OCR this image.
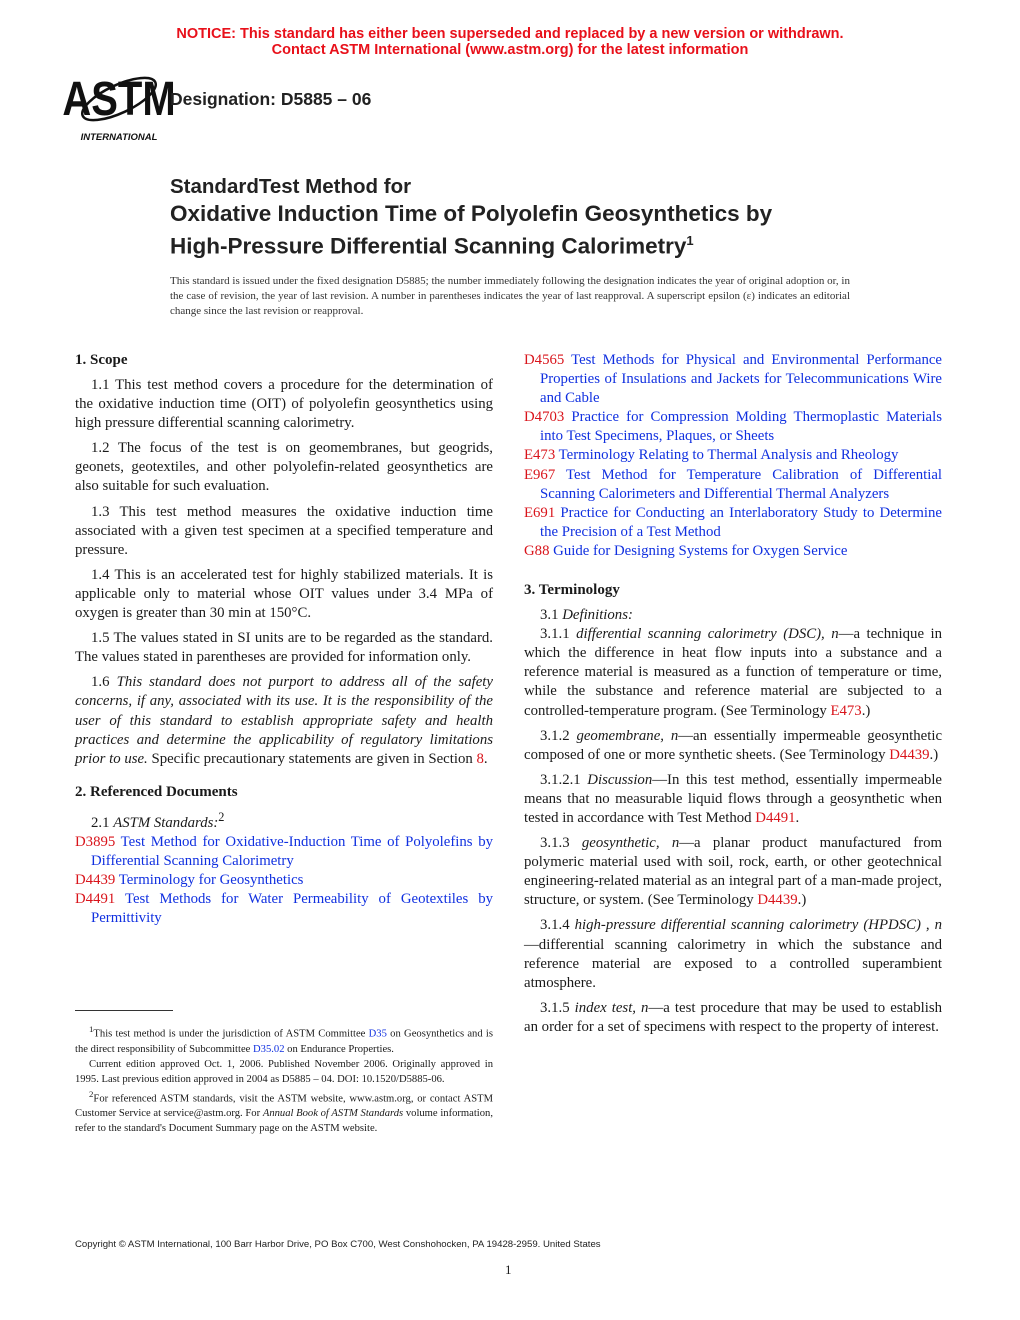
NOTICE: This standard has either been superseded and replaced by a new version or withdrawn.
Contact ASTM International (www.astm.org) for the latest information
ASTM
INTERNATIONAL
Designation: D5885 – 06
StandardTest Method for
Oxidative Induction Time of Polyolefin Geosynthetics by
High-Pressure Differential Scanning Calorimetry$^1$
This standard is issued under the fixed designation D5885; the number immediately following the designation indicates the year of original adoption or, in the case of revision, the year of last revision. A number in parentheses indicates the year of last reapproval. A superscript epsilon (ε) indicates an editorial change since the last revision or reapproval.
1. Scope

1.1 This test method covers a procedure for the determination of the oxidative induction time (OIT) of polyolefin geosynthetics using high pressure differential scanning calorimetry.

1.2 The focus of the test is on geomembranes, but geogrids, geonets, geotextiles, and other polyolefin-related geosynthetics are also suitable for such evaluation.

1.3 This test method measures the oxidative induction time associated with a given test specimen at a specified temperature and pressure.

1.4 This is an accelerated test for highly stabilized materials. It is applicable only to material whose OIT values under 3.4 MPa of oxygen is greater than 30 min at 150°C.

1.5 The values stated in SI units are to be regarded as the standard. The values stated in parentheses are provided for information only.

1.6 This standard does not purport to address all of the safety concerns, if any, associated with its use. It is the responsibility of the user of this standard to establish appropriate safety and health practices and determine the applicability of regulatory limitations prior to use. Specific precautionary statements are given in Section 8.

2. Referenced Documents

2.1 ASTM Standards:$^2$

D3895 Test Method for Oxidative-Induction Time of Polyolefins by Differential Scanning Calorimetry
D4439 Terminology for Geosynthetics
D4491 Test Methods for Water Permeability of Geotextiles by Permittivity
D4565 Test Methods for Physical and Environmental Performance Properties of Insulations and Jackets for Telecommunications Wire and Cable
D4703 Practice for Compression Molding Thermoplastic Materials into Test Specimens, Plaques, or Sheets
E473 Terminology Relating to Thermal Analysis and Rheology
E967 Test Method for Temperature Calibration of Differential Scanning Calorimeters and Differential Thermal Analyzers
E691 Practice for Conducting an Interlaboratory Study to Determine the Precision of a Test Method
G88 Guide for Designing Systems for Oxygen Service
3. Terminology

3.1 Definitions:

3.1.1 differential scanning calorimetry (DSC), n—a technique in which the difference in heat flow inputs into a substance and a reference material is measured as a function of temperature or time, while the substance and reference material are subjected to a controlled-temperature program. (See Terminology E473.)

3.1.2 geomembrane, n—an essentially impermeable geosynthetic composed of one or more synthetic sheets. (See Terminology D4439.)

3.1.2.1 Discussion—In this test method, essentially impermeable means that no measurable liquid flows through a geosynthetic when tested in accordance with Test Method D4491.

3.1.3 geosynthetic, n—a planar product manufactured from polymeric material used with soil, rock, earth, or other geotechnical engineering-related material as an integral part of a man-made project, structure, or system. (See Terminology D4439.)

3.1.4 high-pressure differential scanning calorimetry (HPDSC) , n—differential scanning calorimetry in which the substance and reference material are exposed to a controlled superambient atmosphere.

3.1.5 index test, n—a test procedure that may be used to establish an order for a set of specimens with respect to the property of interest.

$^1$This test method is under the jurisdiction of ASTM Committee D35 on Geosynthetics and is the direct responsibility of Subcommittee D35.02 on Endurance Properties.

Current edition approved Oct. 1, 2006. Published November 2006. Originally approved in 1995. Last previous edition approved in 2004 as D5885 – 04. DOI: 10.1520/D5885-06.

$^2$For referenced ASTM standards, visit the ASTM website, www.astm.org, or contact ASTM Customer Service at service@astm.org. For Annual Book of ASTM Standards volume information, refer to the standard's Document Summary page on the ASTM website.

Copyright © ASTM International, 100 Barr Harbor Drive, PO Box C700, West Conshohocken, PA 19428-2959. United States
1
